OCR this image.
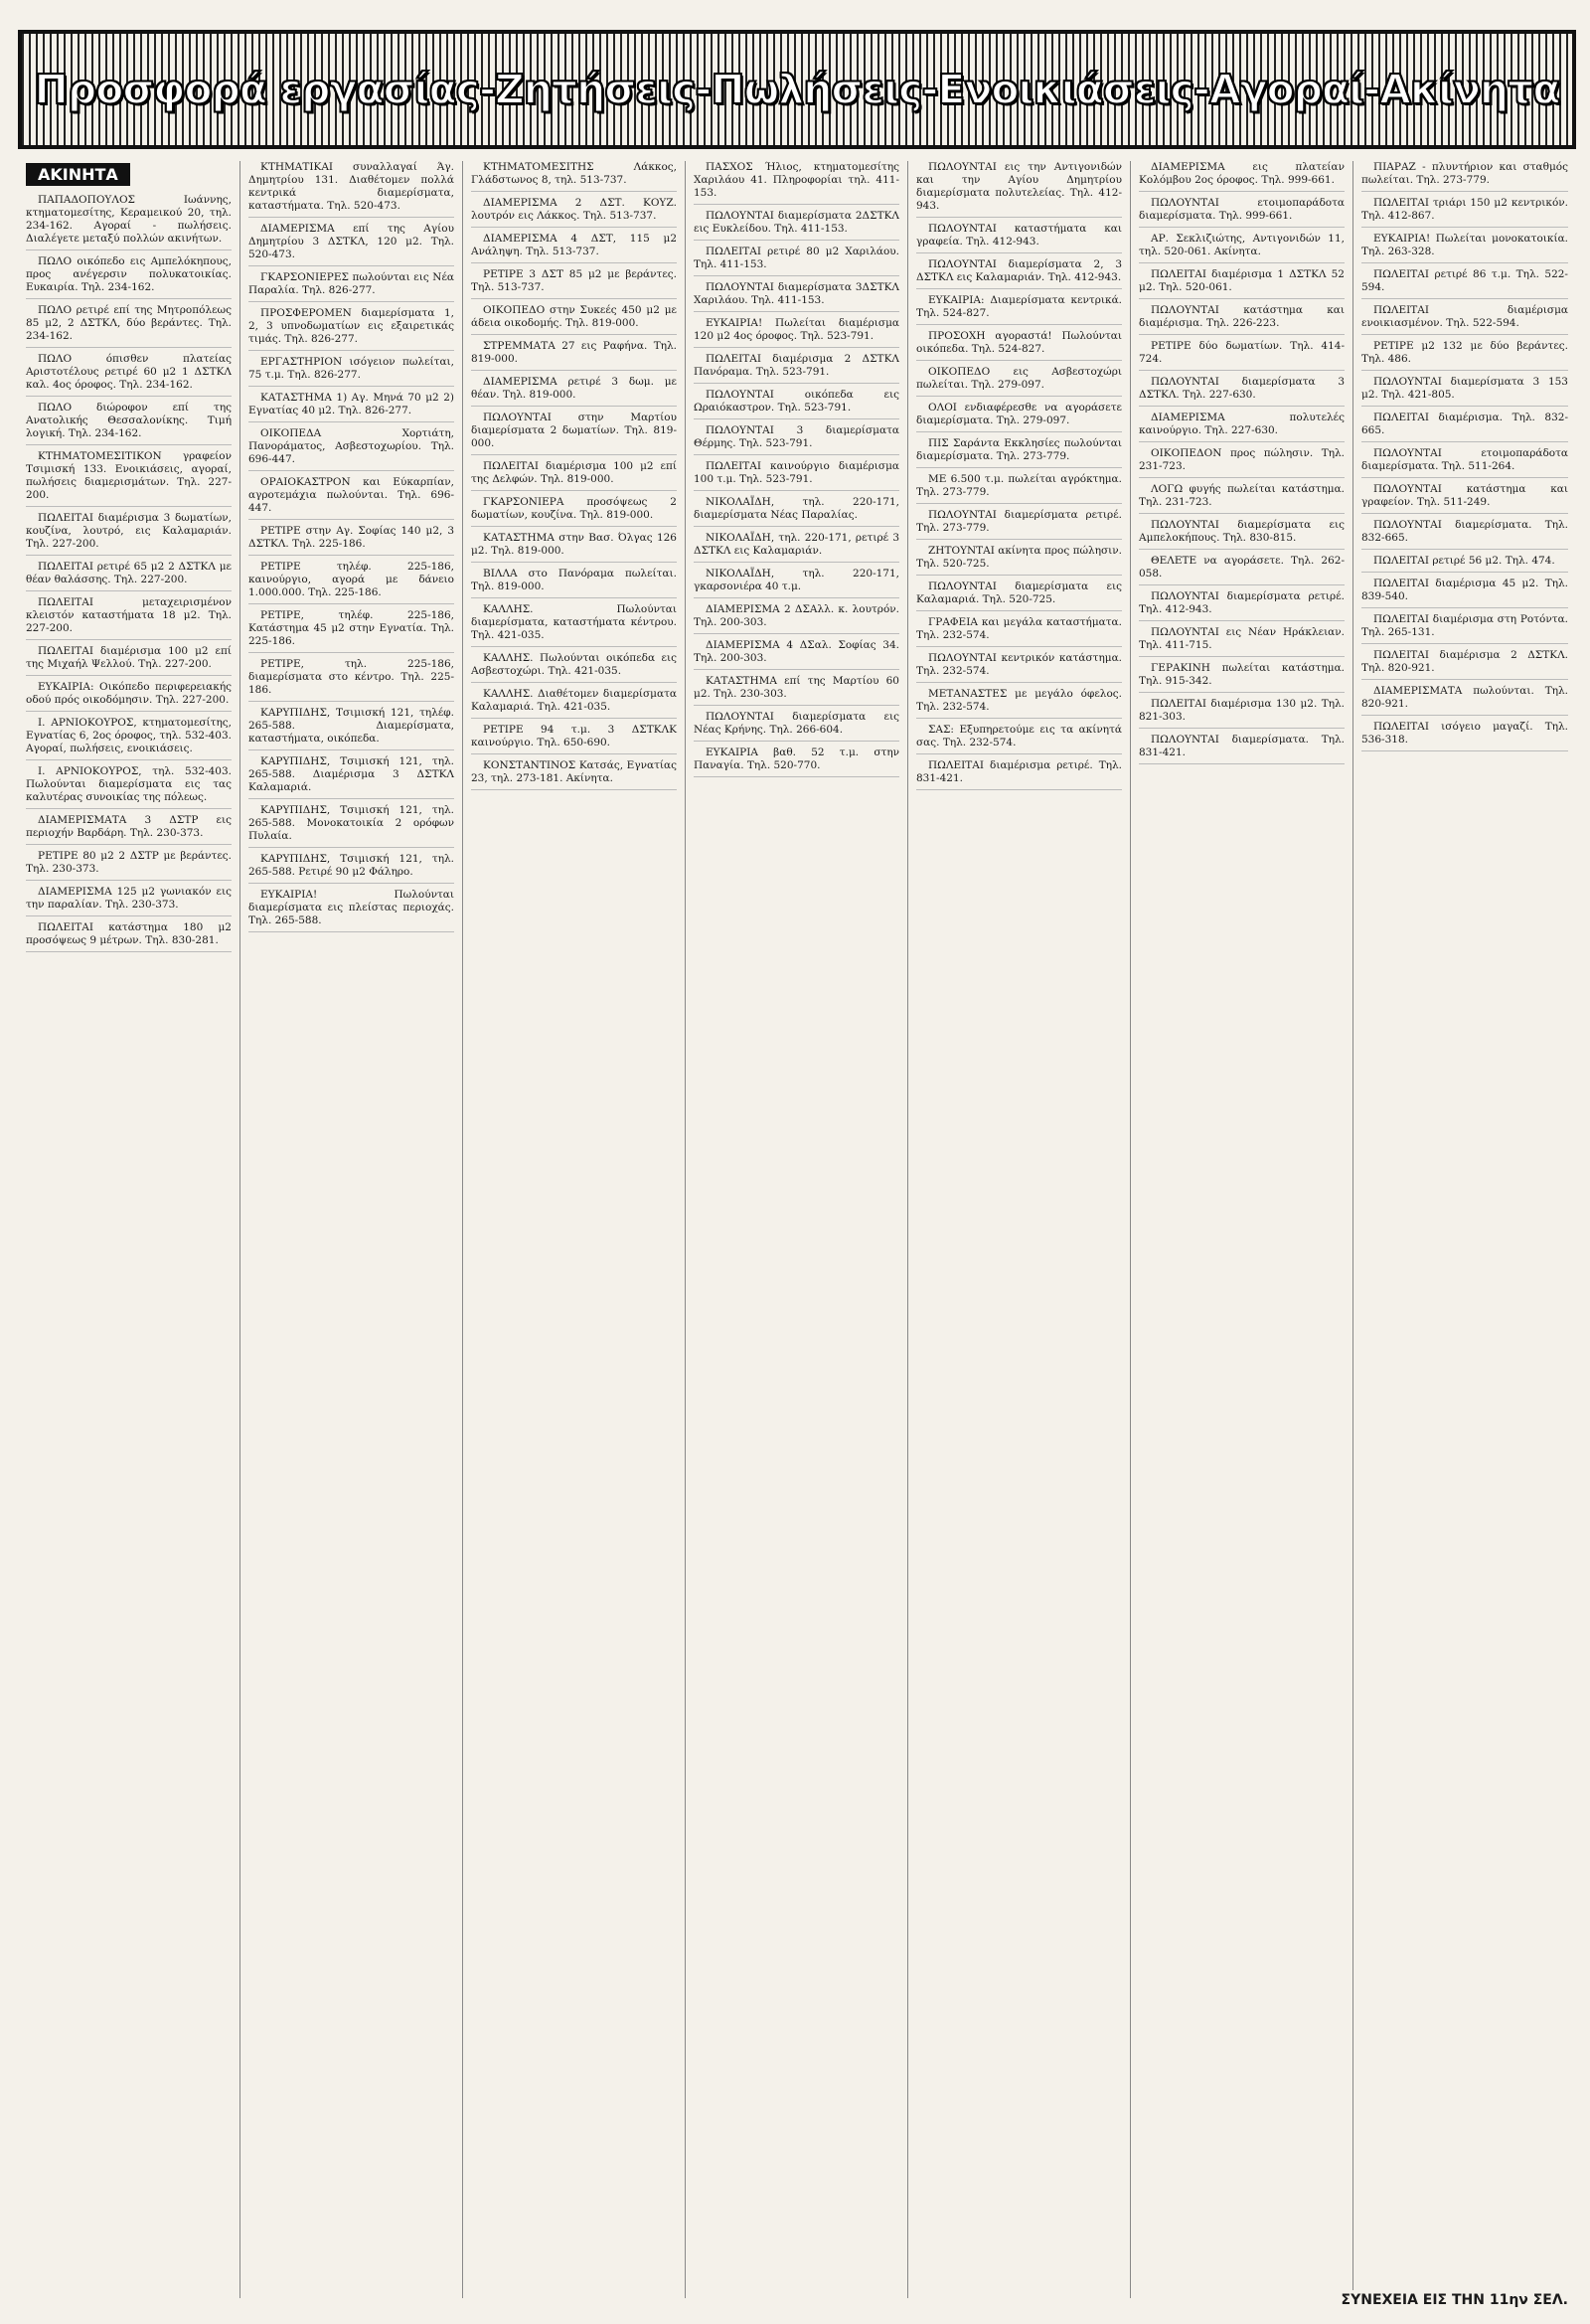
Προσφορά εργασίας-Ζητήσεις-Πωλήσεις-Ενοικιάσεις-Αγοραί-Ακίνητα
ΑΚΙΝΗΤΑ

ΠΑΠΑΔΟΠΟΥΛΟΣ Ιωάννης, κτηματομεσίτης, Κεραμεικού 20, τηλ. 234-162. Αγοραί - πωλήσεις. Διαλέγετε μεταξύ πολλών ακινήτων.

ΠΩΛΟ οικόπεδο εις Αμπελόκηπους, προς ανέγερσιν πολυκατοικίας. Ευκαιρία. Τηλ. 234-162.

ΠΩΛΟ ρετιρέ επί της Μητροπόλεως 85 μ2, 2 ΔΣΤΚΛ, δύο βεράντες. Τηλ. 234-162.

ΠΩΛΟ όπισθεν πλατείας Αριστοτέλους ρετιρέ 60 μ2 1 ΔΣΤΚΛ καλ. 4ος όροφος. Τηλ. 234-162.

ΠΩΛΟ διώροφον επί της Ανατολικής Θεσσαλονίκης. Τιμή λογική. Τηλ. 234-162.

ΚΤΗΜΑΤΟΜΕΣΙΤΙΚΟΝ γραφείον Τσιμισκή 133. Ενοικιάσεις, αγοραί, πωλήσεις διαμερισμάτων. Τηλ. 227-200.

ΠΩΛΕΙΤΑΙ διαμέρισμα 3 δωματίων, κουζίνα, λουτρό, εις Καλαμαριάν. Τηλ. 227-200.

ΠΩΛΕΙΤΑΙ ρετιρέ 65 μ2 2 ΔΣΤΚΛ με θέαν θαλάσσης. Τηλ. 227-200.

ΠΩΛΕΙΤΑΙ μεταχειρισμένον κλειστόν καταστήματα 18 μ2. Τηλ. 227-200.

ΠΩΛΕΙΤΑΙ διαμέρισμα 100 μ2 επί της Μιχαήλ Ψελλού. Τηλ. 227-200.

ΕΥΚΑΙΡΙΑ: Οικόπεδο περιφερειακής οδού πρός οικοδόμησιν. Τηλ. 227-200.

Ι. ΑΡΝΙΟΚΟΥΡΟΣ, κτηματομεσίτης, Εγνατίας 6, 2ος όροφος, τηλ. 532-403. Αγοραί, πωλήσεις, ενοικιάσεις.

Ι. ΑΡΝΙΟΚΟΥΡΟΣ, τηλ. 532-403. Πωλούνται διαμερίσματα εις τας καλυτέρας συνοικίας της πόλεως.

ΔΙΑΜΕΡΙΣΜΑΤΑ 3 ΔΣΤΡ εις περιοχήν Βαρδάρη. Τηλ. 230-373.

ΡΕΤΙΡΕ 80 μ2 2 ΔΣΤΡ με βεράντες. Τηλ. 230-373.

ΔΙΑΜΕΡΙΣΜΑ 125 μ2 γωνιακόν εις την παραλίαν. Τηλ. 230-373.

ΠΩΛΕΙΤΑΙ κατάστημα 180 μ2 προσόψεως 9 μέτρων. Τηλ. 830-281.

ΚΤΗΜΑΤΙΚΑΙ συναλλαγαί Άγ. Δημητρίου 131. Διαθέτομεν πολλά κεντρικά διαμερίσματα, καταστήματα. Τηλ. 520-473.

ΔΙΑΜΕΡΙΣΜΑ επί της Αγίου Δημητρίου 3 ΔΣΤΚΛ, 120 μ2. Τηλ. 520-473.

ΓΚΑΡΣΟΝΙΕΡΕΣ πωλούνται εις Νέα Παραλία. Τηλ. 826-277.

ΠΡΟΣΦΕΡΟΜΕΝ διαμερίσματα 1, 2, 3 υπνοδωματίων εις εξαιρετικάς τιμάς. Τηλ. 826-277.

ΕΡΓΑΣΤΗΡΙΟΝ ισόγειον πωλείται, 75 τ.μ. Τηλ. 826-277.

ΚΑΤΑΣΤΗΜΑ 1) Αγ. Μηνά 70 μ2 2) Εγνατίας 40 μ2. Τηλ. 826-277.

ΟΙΚΟΠΕΔΑ Χορτιάτη, Πανοράματος, Ασβεστοχωρίου. Τηλ. 696-447.

ΟΡΑΙΟΚΑΣΤΡΟΝ και Εύκαρπίαν, αγροτεμάχια πωλούνται. Τηλ. 696-447.

ΡΕΤΙΡΕ στην Αγ. Σοφίας 140 μ2, 3 ΔΣΤΚΛ. Τηλ. 225-186.

ΡΕΤΙΡΕ τηλέφ. 225-186, καινούργιο, αγορά με δάνειο 1.000.000. Τηλ. 225-186.

ΡΕΤΙΡΕ, τηλέφ. 225-186, Κατάστημα 45 μ2 στην Εγνατία. Τηλ. 225-186.

ΡΕΤΙΡΕ, τηλ. 225-186, διαμερίσματα στο κέντρο. Τηλ. 225-186.

ΚΑΡΥΠΙΔΗΣ, Τσιμισκή 121, τηλέφ. 265-588. Διαμερίσματα, καταστήματα, οικόπεδα.

ΚΑΡΥΠΙΔΗΣ, Τσιμισκή 121, τηλ. 265-588. Διαμέρισμα 3 ΔΣΤΚΛ Καλαμαριά.

ΚΑΡΥΠΙΔΗΣ, Τσιμισκή 121, τηλ. 265-588. Μονοκατοικία 2 ορόφων Πυλαία.

ΚΑΡΥΠΙΔΗΣ, Τσιμισκή 121, τηλ. 265-588. Ρετιρέ 90 μ2 Φάληρο.

ΕΥΚΑΙΡΙΑ! Πωλούνται διαμερίσματα εις πλείστας περιοχάς. Τηλ. 265-588.

ΚΤΗΜΑΤΟΜΕΣΙΤΗΣ Λάκκος, Γλάδστωνος 8, τηλ. 513-737.

ΔΙΑΜΕΡΙΣΜΑ 2 ΔΣΤ. ΚΟΥΖ. λουτρόν εις Λάκκος. Τηλ. 513-737.

ΔΙΑΜΕΡΙΣΜΑ 4 ΔΣΤ, 115 μ2 Ανάληψη. Τηλ. 513-737.

ΡΕΤΙΡΕ 3 ΔΣΤ 85 μ2 με βεράντες. Τηλ. 513-737.

ΟΙΚΟΠΕΔΟ στην Συκεές 450 μ2 με άδεια οικοδομής. Τηλ. 819-000.

ΣΤΡΕΜΜΑΤΑ 27 εις Ραφήνα. Τηλ. 819-000.

ΔΙΑΜΕΡΙΣΜΑ ρετιρέ 3 δωμ. με θέαν. Τηλ. 819-000.

ΠΩΛΟΥΝΤΑΙ στην Μαρτίου διαμερίσματα 2 δωματίων. Τηλ. 819-000.

ΠΩΛΕΙΤΑΙ διαμέρισμα 100 μ2 επί της Δελφών. Τηλ. 819-000.

ΓΚΑΡΣΟΝΙΕΡΑ προσόψεως 2 δωματίων, κουζίνα. Τηλ. 819-000.

ΚΑΤΑΣΤΗΜΑ στην Βασ. Όλγας 126 μ2. Τηλ. 819-000.

ΒΙΛΛΑ στο Πανόραμα πωλείται. Τηλ. 819-000.

ΚΑΛΛΗΣ. Πωλούνται διαμερίσματα, καταστήματα κέντρου. Τηλ. 421-035.

ΚΑΛΛΗΣ. Πωλούνται οικόπεδα εις Ασβεστοχώρι. Τηλ. 421-035.

ΚΑΛΛΗΣ. Διαθέτομεν διαμερίσματα Καλαμαριά. Τηλ. 421-035.

ΡΕΤΙΡΕ 94 τ.μ. 3 ΔΣΤΚΛΚ καινούργιο. Τηλ. 650-690.

ΚΟΝΣΤΑΝΤΙΝΟΣ Κατσάς, Εγνατίας 23, τηλ. 273-181. Ακίνητα.

ΠΑΣΧΟΣ Ήλιος, κτηματομεσίτης Χαριλάου 41. Πληροφορίαι τηλ. 411-153.

ΠΩΛΟΥΝΤΑΙ διαμερίσματα 2ΔΣΤΚΛ εις Ευκλείδου. Τηλ. 411-153.

ΠΩΛΕΙΤΑΙ ρετιρέ 80 μ2 Χαριλάου. Τηλ. 411-153.

ΠΩΛΟΥΝΤΑΙ διαμερίσματα 3ΔΣΤΚΛ Χαριλάου. Τηλ. 411-153.

ΕΥΚΑΙΡΙΑ! Πωλείται διαμέρισμα 120 μ2 4ος όροφος. Τηλ. 523-791.

ΠΩΛΕΙΤΑΙ διαμέρισμα 2 ΔΣΤΚΛ Πανόραμα. Τηλ. 523-791.

ΠΩΛΟΥΝΤΑΙ οικόπεδα εις Ωραιόκαστρον. Τηλ. 523-791.

ΠΩΛΟΥΝΤΑΙ 3 διαμερίσματα Θέρμης. Τηλ. 523-791.

ΠΩΛΕΙΤΑΙ καινούργιο διαμέρισμα 100 τ.μ. Τηλ. 523-791.

ΝΙΚΟΛΑΪΔΗ, τηλ. 220-171, διαμερίσματα Νέας Παραλίας.

ΝΙΚΟΛΑΪΔΗ, τηλ. 220-171, ρετιρέ 3 ΔΣΤΚΛ εις Καλαμαριάν.

ΝΙΚΟΛΑΪΔΗ, τηλ. 220-171, γκαρσονιέρα 40 τ.μ.

ΔΙΑΜΕΡΙΣΜΑ 2 ΔΣΑλλ. κ. λουτρόν. Τηλ. 200-303.

ΔΙΑΜΕΡΙΣΜΑ 4 ΔΣαλ. Σοφίας 34. Τηλ. 200-303.

ΚΑΤΑΣΤΗΜΑ επί της Μαρτίου 60 μ2. Τηλ. 230-303.

ΠΩΛΟΥΝΤΑΙ διαμερίσματα εις Νέας Κρήνης. Τηλ. 266-604.

ΕΥΚΑΙΡΙΑ βαθ. 52 τ.μ. στην Παναγία. Τηλ. 520-770.

ΠΩΛΟΥΝΤΑΙ εις την Αντιγονιδών και την Αγίου Δημητρίου διαμερίσματα πολυτελείας. Τηλ. 412-943.

ΠΩΛΟΥΝΤΑΙ καταστήματα και γραφεία. Τηλ. 412-943.

ΠΩΛΟΥΝΤΑΙ διαμερίσματα 2, 3 ΔΣΤΚΛ εις Καλαμαριάν. Τηλ. 412-943.

ΕΥΚΑΙΡΙΑ: Διαμερίσματα κεντρικά. Τηλ. 524-827.

ΠΡΟΣΟΧΗ αγοραστά! Πωλούνται οικόπεδα. Τηλ. 524-827.

ΟΙΚΟΠΕΔΟ εις Ασβεστοχώρι πωλείται. Τηλ. 279-097.

ΟΛΟΙ ενδιαφέρεσθε να αγοράσετε διαμερίσματα. Τηλ. 279-097.

ΠΙΣ Σαράντα Εκκλησίες πωλούνται διαμερίσματα. Τηλ. 273-779.

ΜΕ 6.500 τ.μ. πωλείται αγρόκτημα. Τηλ. 273-779.

ΠΩΛΟΥΝΤΑΙ διαμερίσματα ρετιρέ. Τηλ. 273-779.

ΖΗΤΟΥΝΤΑΙ ακίνητα προς πώλησιν. Τηλ. 520-725.

ΠΩΛΟΥΝΤΑΙ διαμερίσματα εις Καλαμαριά. Τηλ. 520-725.

ΓΡΑΦΕΙΑ και μεγάλα καταστήματα. Τηλ. 232-574.

ΠΩΛΟΥΝΤΑΙ κεντρικόν κατάστημα. Τηλ. 232-574.

ΜΕΤΑΝΑΣΤΕΣ με μεγάλο όφελος. Τηλ. 232-574.

ΣΑΣ: Εξυπηρετούμε εις τα ακίνητά σας. Τηλ. 232-574.

ΠΩΛΕΙΤΑΙ διαμέρισμα ρετιρέ. Τηλ. 831-421.

ΔΙΑΜΕΡΙΣΜΑ εις πλατείαν Κολόμβου 2ος όροφος. Τηλ. 999-661.

ΠΩΛΟΥΝΤΑΙ ετοιμοπαράδοτα διαμερίσματα. Τηλ. 999-661.

ΑΡ. Σεκλιζιώτης, Αντιγονιδών 11, τηλ. 520-061. Ακίνητα.

ΠΩΛΕΙΤΑΙ διαμέρισμα 1 ΔΣΤΚΛ 52 μ2. Τηλ. 520-061.

ΠΩΛΟΥΝΤΑΙ κατάστημα και διαμέρισμα. Τηλ. 226-223.

ΡΕΤΙΡΕ δύο δωματίων. Τηλ. 414-724.

ΠΩΛΟΥΝΤΑΙ διαμερίσματα 3 ΔΣΤΚΛ. Τηλ. 227-630.

ΔΙΑΜΕΡΙΣΜΑ πολυτελές καινούργιο. Τηλ. 227-630.

ΟΙΚΟΠΕΔΟΝ προς πώλησιν. Τηλ. 231-723.

ΛΟΓΩ φυγής πωλείται κατάστημα. Τηλ. 231-723.

ΠΩΛΟΥΝΤΑΙ διαμερίσματα εις Αμπελοκήπους. Τηλ. 830-815.

ΘΕΛΕΤΕ να αγοράσετε. Τηλ. 262-058.

ΠΩΛΟΥΝΤΑΙ διαμερίσματα ρετιρέ. Τηλ. 412-943.

ΠΩΛΟΥΝΤΑΙ εις Νέαν Ηράκλειαν. Τηλ. 411-715.

ΓΕΡΑΚΙΝΗ πωλείται κατάστημα. Τηλ. 915-342.

ΠΩΛΕΙΤΑΙ διαμέρισμα 130 μ2. Τηλ. 821-303.

ΠΩΛΟΥΝΤΑΙ διαμερίσματα. Τηλ. 831-421.

ΠΙΑΡΑΖ - πλυντήριον και σταθμός πωλείται. Τηλ. 273-779.

ΠΩΛΕΙΤΑΙ τριάρι 150 μ2 κεντρικόν. Τηλ. 412-867.

ΕΥΚΑΙΡΙΑ! Πωλείται μονοκατοικία. Τηλ. 263-328.

ΠΩΛΕΙΤΑΙ ρετιρέ 86 τ.μ. Τηλ. 522-594.

ΠΩΛΕΙΤΑΙ διαμέρισμα ενοικιασμένον. Τηλ. 522-594.

ΡΕΤΙΡΕ μ2 132 με δύο βεράντες. Τηλ. 486.

ΠΩΛΟΥΝΤΑΙ διαμερίσματα 3 153 μ2. Τηλ. 421-805.

ΠΩΛΕΙΤΑΙ διαμέρισμα. Τηλ. 832-665.

ΠΩΛΟΥΝΤΑΙ ετοιμοπαράδοτα διαμερίσματα. Τηλ. 511-264.

ΠΩΛΟΥΝΤΑΙ κατάστημα και γραφείον. Τηλ. 511-249.

ΠΩΛΟΥΝΤΑΙ διαμερίσματα. Τηλ. 832-665.

ΠΩΛΕΙΤΑΙ ρετιρέ 56 μ2. Τηλ. 474.

ΠΩΛΕΙΤΑΙ διαμέρισμα 45 μ2. Τηλ. 839-540.

ΠΩΛΕΙΤΑΙ διαμέρισμα στη Ροτόντα. Τηλ. 265-131.

ΠΩΛΕΙΤΑΙ διαμέρισμα 2 ΔΣΤΚΛ. Τηλ. 820-921.

ΔΙΑΜΕΡΙΣΜΑΤΑ πωλούνται. Τηλ. 820-921.

ΠΩΛΕΙΤΑΙ ισόγειο μαγαζί. Τηλ. 536-318.

ΣΥΝΕΧΕΙΑ ΕΙΣ ΤΗΝ 11ην ΣΕΛ.
